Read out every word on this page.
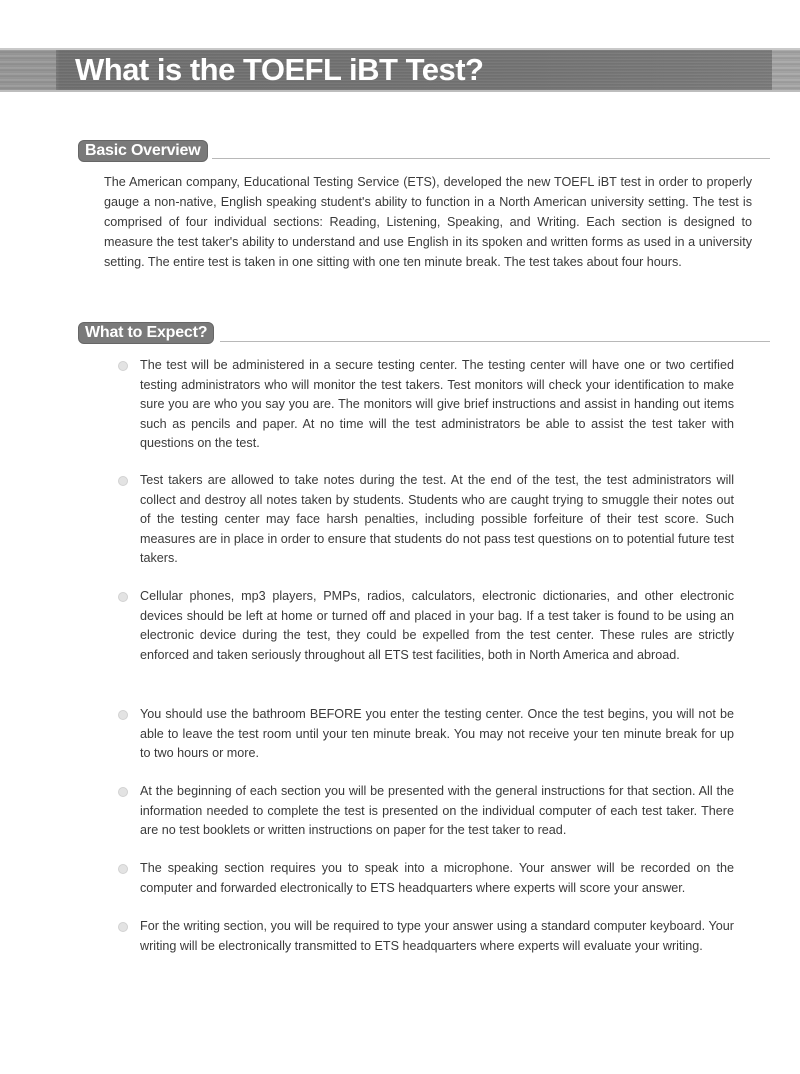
What is the TOEFL iBT Test?
Basic Overview
The American company, Educational Testing Service (ETS), developed the new TOEFL iBT test in order to properly gauge a non-native, English speaking student's ability to function in a North American university setting. The test is comprised of four individual sections: Reading, Listening, Speaking, and Writing. Each section is designed to measure the test taker's ability to understand and use English in its spoken and written forms as used in a university setting. The entire test is taken in one sitting with one ten minute break. The test takes about four hours.
What to Expect?
The test will be administered in a secure testing center. The testing center will have one or two certified testing administrators who will monitor the test takers. Test monitors will check your identification to make sure you are who you say you are. The monitors will give brief instructions and assist in handing out items such as pencils and paper. At no time will the test administrators be able to assist the test taker with questions on the test.
Test takers are allowed to take notes during the test. At the end of the test, the test administrators will collect and destroy all notes taken by students. Students who are caught trying to smuggle their notes out of the testing center may face harsh penalties, including possible forfeiture of their test score. Such measures are in place in order to ensure that students do not pass test questions on to potential future test takers.
Cellular phones, mp3 players, PMPs, radios, calculators, electronic dictionaries, and other electronic devices should be left at home or turned off and placed in your bag. If a test taker is found to be using an electronic device during the test, they could be expelled from the test center. These rules are strictly enforced and taken seriously throughout all ETS test facilities, both in North America and abroad.
You should use the bathroom BEFORE you enter the testing center. Once the test begins, you will not be able to leave the test room until your ten minute break. You may not receive your ten minute break for up to two hours or more.
At the beginning of each section you will be presented with the general instructions for that section. All the information needed to complete the test is presented on the individual computer of each test taker. There are no test booklets or written instructions on paper for the test taker to read.
The speaking section requires you to speak into a microphone. Your answer will be recorded on the computer and forwarded electronically to ETS headquarters where experts will score your answer.
For the writing section, you will be required to type your answer using a standard computer keyboard. Your writing will be electronically transmitted to ETS headquarters where experts will evaluate your writing.
